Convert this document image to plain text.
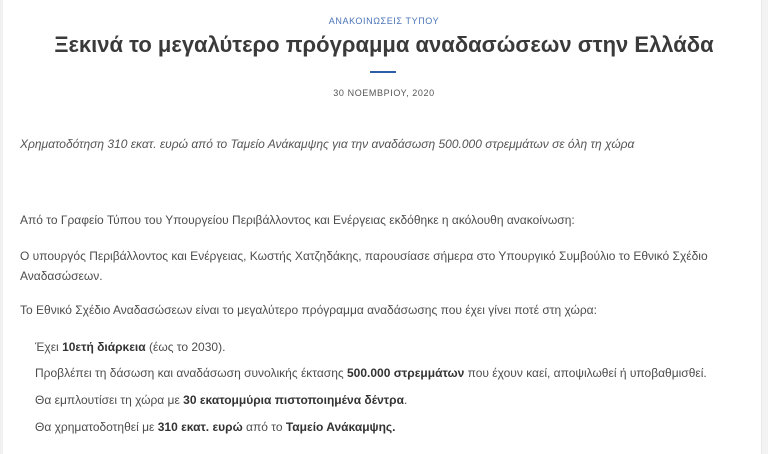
ΑΝΑΚΟΙΝΩΣΕΙΣ ΤΥΠΟΥ
Ξεκινά το μεγαλύτερο πρόγραμμα αναδασώσεων στην Ελλάδα
30 ΝΟΕΜΒΡΙΟΥ, 2020
Χρηματοδότηση 310 εκατ. ευρώ από το Ταμείο Ανάκαμψης για την αναδάσωση 500.000 στρεμμάτων σε όλη τη χώρα

Από το Γραφείο Τύπου του Υπουργείου Περιβάλλοντος και Ενέργειας εκδόθηκε η ακόλουθη ανακοίνωση:

Ο υπουργός Περιβάλλοντος και Ενέργειας, Κωστής Χατζηδάκης, παρουσίασε σήμερα στο Υπουργικό Συμβούλιο το Εθνικό Σχέδιο Αναδασώσεων.

Το Εθνικό Σχέδιο Αναδασώσεων είναι το μεγαλύτερο πρόγραμμα αναδάσωσης που έχει γίνει ποτέ στη χώρα:

Έχει 10ετή διάρκεια (έως το 2030).

Προβλέπει τη δάσωση και αναδάσωση συνολικής έκτασης 500.000 στρεμμάτων που έχουν καεί, αποψιλωθεί ή υποβαθμισθεί.

Θα εμπλουτίσει τη χώρα με 30 εκατομμύρια πιστοποιημένα δέντρα.

Θα χρηματοδοτηθεί με 310 εκατ. ευρώ από το Ταμείο Ανάκαμψης.
